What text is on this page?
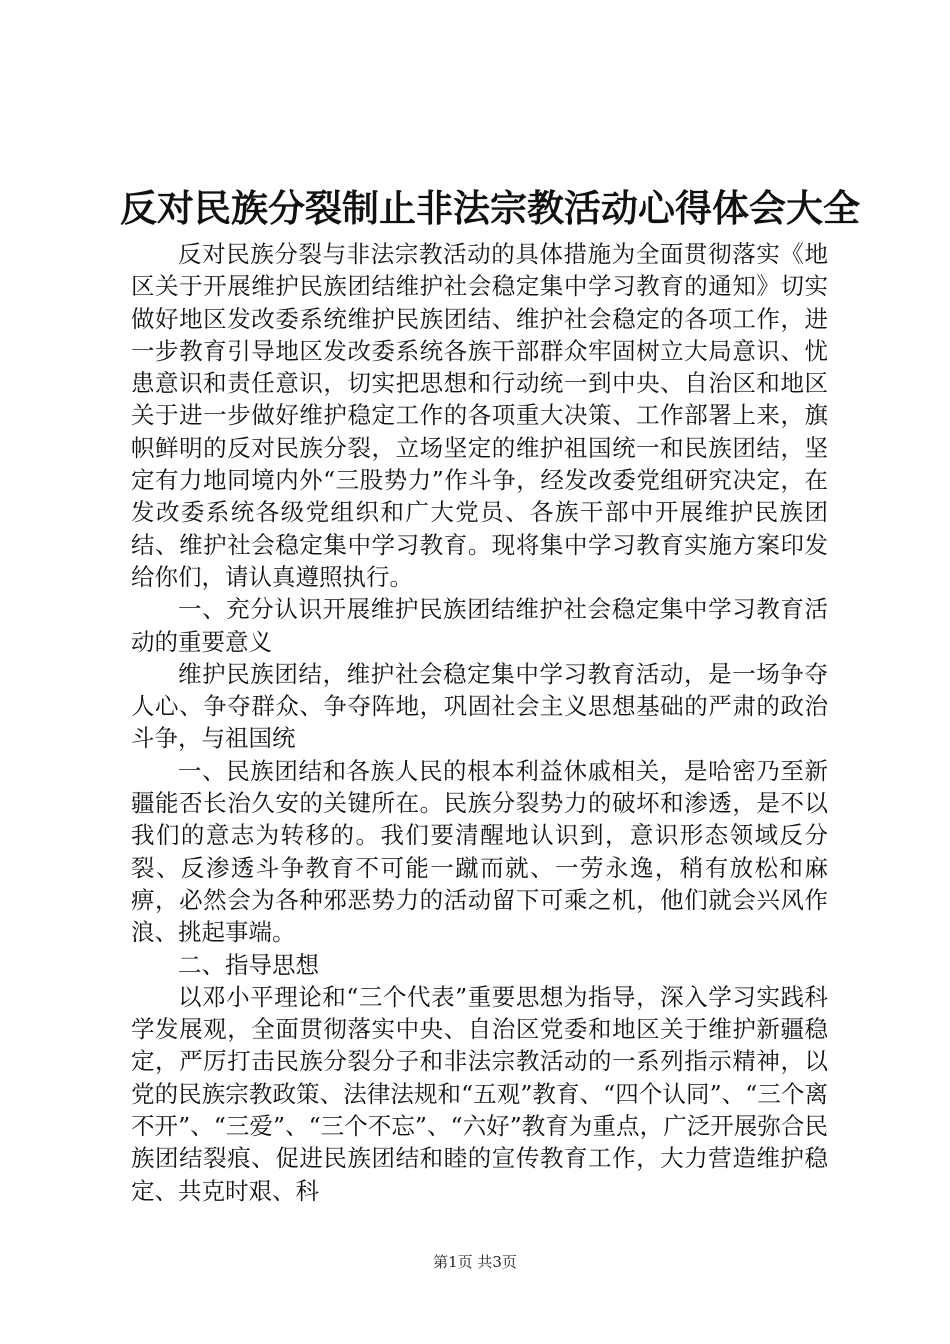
反对民族分裂制止非法宗教活动心得体会大全

反对民族分裂与非法宗教活动的具体措施为全面贯彻落实《地区关于开展维护民族团结维护社会稳定集中学习教育的通知》切实做好地区发改委系统维护民族团结、维护社会稳定的各项工作，进一步教育引导地区发改委系统各族干部群众牢固树立大局意识、忧患意识和责任意识，切实把思想和行动统一到中央、自治区和地区关于进一步做好维护稳定工作的各项重大决策、工作部署上来，旗帜鲜明的反对民族分裂，立场坚定的维护祖国统一和民族团结，坚定有力地同境内外“三股势力”作斗争，经发改委党组研究决定，在发改委系统各级党组织和广大党员、各族干部中开展维护民族团结、维护社会稳定集中学习教育。现将集中学习教育实施方案印发给你们，请认真遵照执行。

一、充分认识开展维护民族团结维护社会稳定集中学习教育活动的重要意义

维护民族团结，维护社会稳定集中学习教育活动，是一场争夺人心、争夺群众、争夺阵地，巩固社会主义思想基础的严肃的政治斗争，与祖国统

一、民族团结和各族人民的根本利益休戚相关，是哈密乃至新疆能否长治久安的关键所在。民族分裂势力的破坏和渗透，是不以我们的意志为转移的。我们要清醒地认识到，意识形态领域反分裂、反渗透斗争教育不可能一蹴而就、一劳永逸，稍有放松和麻痹，必然会为各种邪恶势力的活动留下可乘之机，他们就会兴风作浪、挑起事端。

二、指导思想

以邓小平理论和“三个代表”重要思想为指导，深入学习实践科学发展观，全面贯彻落实中央、自治区党委和地区关于维护新疆稳定，严厉打击民族分裂分子和非法宗教活动的一系列指示精神，以党的民族宗教政策、法律法规和“五观”教育、“四个认同”、“三个离不开”、“三爱”、“三个不忘”、“六好”教育为重点，广泛开展弥合民族团结裂痕、促进民族团结和睦的宣传教育工作，大力营造维护稳定、共克时艰、科

第1页 共3页
